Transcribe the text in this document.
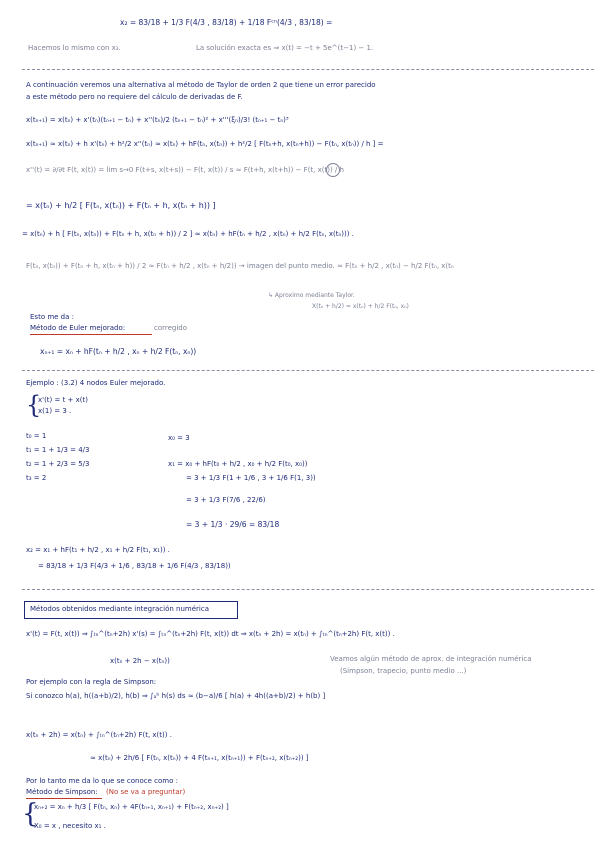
x₂ = 83/18 + 1/3 F(4/3 , 83/18) + 1/18 Fᶜⁿ(4/3 , 83/18) =
Hacemos lo mismo con x₃.	La solución exacta es ⇒ x(t) = −t + 5e^(t−1) − 1.
A continuación veremos una alternativa al método de Taylor de orden 2 que tiene un error parecido
a este método pero no requiere del cálculo de derivadas de F.
x(tₙ₊₁) = x(tₙ) + x'(tₙ)(tₙ₊₁ − tₙ) + x''(tₙ)/2 (tₙ₊₁ − tₙ)² + x'''(ξₙ)/3! (tₙ₊₁ − tₙ)³
x(tₙ₊₁) ≈ x(tₙ) + h x'(tₙ) + h²/2 x''(tₙ) ≈ x(tₙ) + hF(tₙ, x(tₙ)) + h²/2 [ F(tₙ+h, x(tₙ+h)) − F(tₙ, x(tₙ)) / h ] =
x''(t) = ∂/∂t F(t, x(t)) = lim s→0 F(t+s, x(t+s)) − F(t, x(t)) / s ≈ F(t+h, x(t+h)) − F(t, x(t)) / h
= x(tₙ) + h/2 [ F(tₙ, x(tₙ)) + F(tₙ + h, x(tₙ + h)) ]
= x(tₙ) + h [ F(tₙ, x(tₙ)) + F(tₙ + h, x(tₙ + h)) / 2 ] ≈ x(tₙ) + hF(tₙ + h/2 , x(tₙ) + h/2 F(tₙ, x(tₙ))) .
F(tₙ, x(tₙ)) + F(tₙ + h, x(tₙ + h)) / 2 ≈ F(tₙ + h/2 , x(tₙ + h/2)) → imagen del punto medio. ≈ F(tₙ + h/2 , x(tₙ) − h/2 F(tₙ, x(tₙ
↳ Aproximo mediante Taylor.
X(tₙ + h/2) ≈ x(tₙ) + h/2 F(tₙ, xₙ)
Esto me da :
Método de Euler mejorado:	corregido
xₙ₊₁ = xₙ + hF(tₙ + h/2 , xₙ + h/2 F(tₙ, xₙ))
Ejemplo : (3.2) 4 nodos Euler mejorado.
{
x'(t) = t + x(t)
x(1) = 3 .
t₀ = 1
t₁ = 1 + 1/3 = 4/3
t₂ = 1 + 2/3 = 5/3
t₃ = 2
x₀ = 3
x₁ = x₀ + hF(t₀ + h/2 , x₀ + h/2 F(t₀, x₀))
= 3 + 1/3 F(1 + 1/6 , 3 + 1/6 F(1, 3))
= 3 + 1/3 F(7/6 , 22/6)
= 3 + 1/3 · 29/6 = 83/18
x₂ = x₁ + hF(t₁ + h/2 , x₁ + h/2 F(t₁, x₁)) .
= 83/18 + 1/3 F(4/3 + 1/6 , 83/18 + 1/6 F(4/3 , 83/18))
Métodos obtenidos mediante integración numérica
x'(t) = F(t, x(t)) ⇒ ∫ₜₙ^(tₙ+2h) x'(s) = ∫ₜₙ^(tₙ+2h) F(t, x(t)) dt ⇒ x(tₙ + 2h) = x(tₙ) + ∫ₜₙ^(tₙ+2h) F(t, x(t)) .
x(tₙ + 2h − x(tₙ))	Veamos algún método de aprox. de integración numérica
(Simpson, trapecio, punto medio ...)
Por ejemplo con la regla de Simpson:
Si conozco h(a), h((a+b)/2), h(b) ⇒ ∫ₐᵇ h(s) ds ≈ (b−a)/6 [ h(a) + 4h((a+b)/2) + h(b) ]
x(tₙ + 2h) = x(tₙ) + ∫ₜₙ^(tₙ+2h) F(t, x(t)) .
≈ x(tₙ) + 2h/6 [ F(tₙ, x(tₙ)) + 4 F(tₙ₊₁, x(tₙ₊₁)) + F(tₙ₊₂, x(tₙ₊₂)) ]
Por lo tanto me da lo que se conoce como :
Método de Simpson: (No se va a preguntar)
{
xₙ₊₂ = xₙ + h/3 [ F(tₙ, xₙ) + 4F(tₙ₊₁, xₙ₊₁) + F(tₙ₊₂, xₙ₊₂) ]
X₀ = x , necesito x₁ .
